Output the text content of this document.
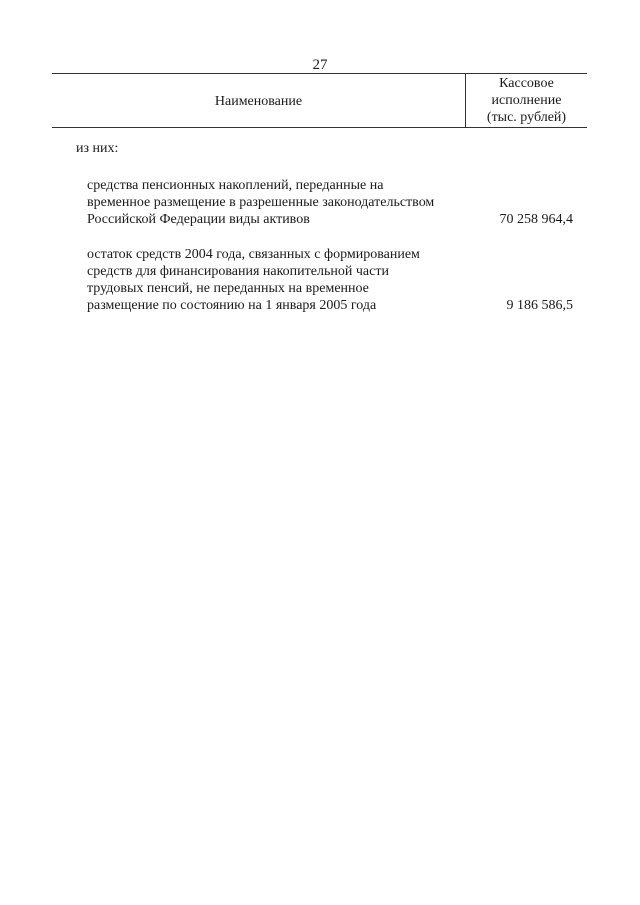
27
Наименование
Кассовое
исполнение
(тыс. рублей)
из них:
средства пенсионных накоплений, переданные на
временное размещение в разрешенные законодательством
Российской Федерации виды активов	70 258 964,4
остаток средств 2004 года, связанных с формированием
средств для финансирования накопительной части
трудовых пенсий, не переданных на временное
размещение по состоянию на 1 января 2005 года	9 186 586,5
